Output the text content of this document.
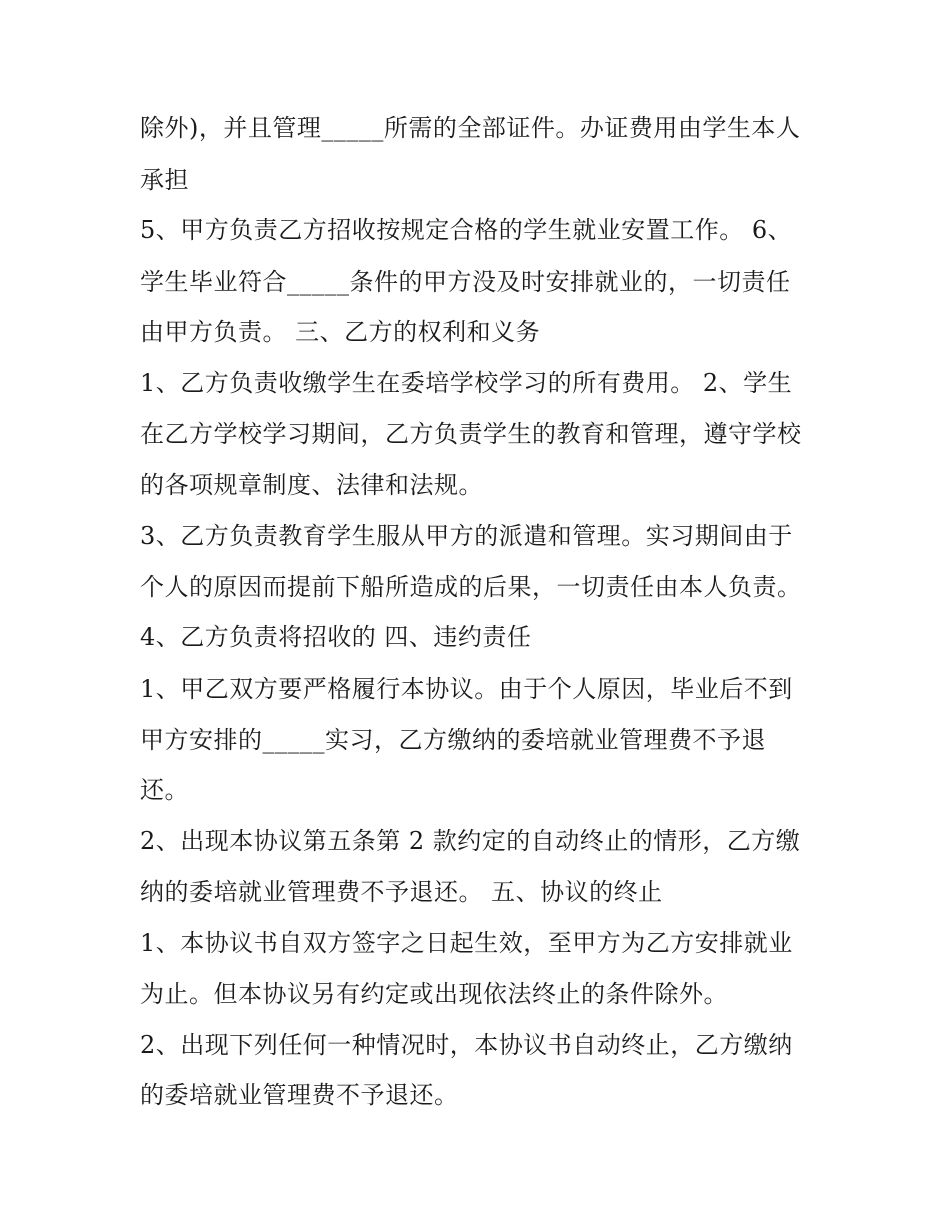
除外)，并且管理_____所需的全部证件。办证费用由学生本人
承担
5、甲方负责乙方招收按规定合格的学生就业安置工作。 6、
学生毕业符合_____条件的甲方没及时安排就业的，一切责任
由甲方负责。 三、乙方的权利和义务
1、乙方负责收缴学生在委培学校学习的所有费用。 2、学生
在乙方学校学习期间，乙方负责学生的教育和管理，遵守学校
的各项规章制度、法律和法规。
3、乙方负责教育学生服从甲方的派遣和管理。实习期间由于
个人的原因而提前下船所造成的后果，一切责任由本人负责。
4、乙方负责将招收的 四、违约责任
1、甲乙双方要严格履行本协议。由于个人原因，毕业后不到
甲方安排的_____实习，乙方缴纳的委培就业管理费不予退
还。
2、出现本协议第五条第 2 款约定的自动终止的情形，乙方缴
纳的委培就业管理费不予退还。 五、协议的终止
1、本协议书自双方签字之日起生效，至甲方为乙方安排就业
为止。但本协议另有约定或出现依法终止的条件除外。
2、出现下列任何一种情况时，本协议书自动终止，乙方缴纳
的委培就业管理费不予退还。
